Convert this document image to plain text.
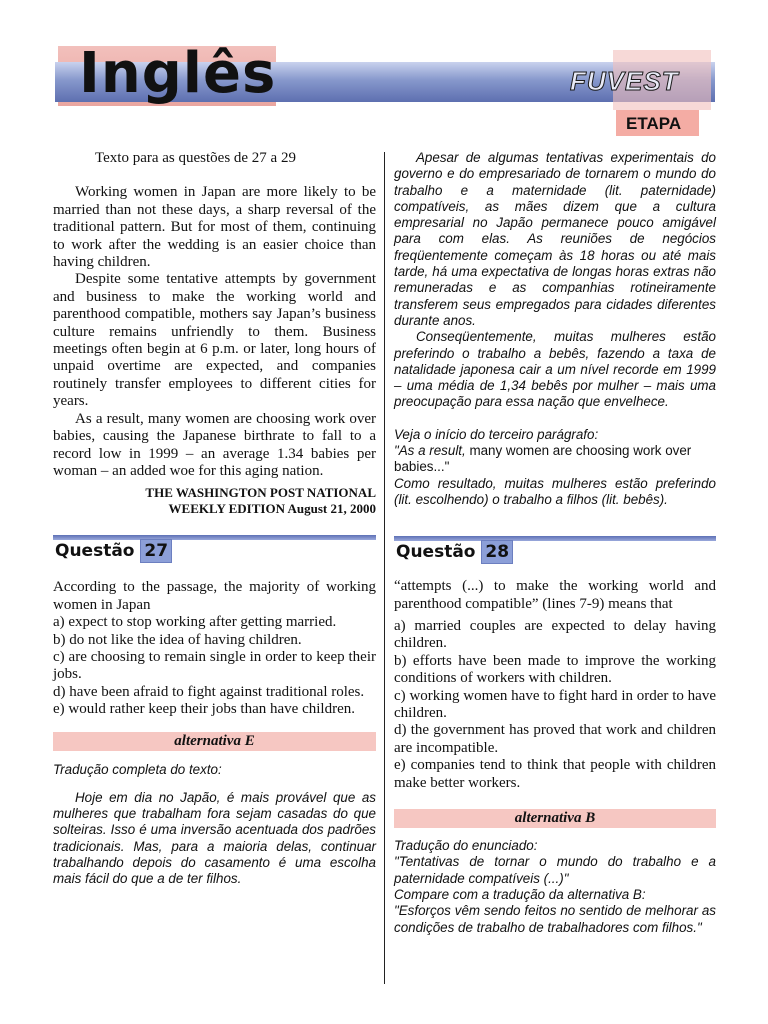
Inglês	FUVEST
ETAPA

Texto para as questões de 27 a 29

Working women in Japan are more likely to be married than not these days, a sharp reversal of the traditional pattern. But for most of them, continuing to work after the wedding is an easier choice than having children.

Despite some tentative attempts by government and business to make the working world and parenthood compatible, mothers say Japan’s business culture remains unfriendly to them. Business meetings often begin at 6 p.m. or later, long hours of unpaid overtime are expected, and companies routinely transfer employees to different cities for years.

As a result, many women are choosing work over babies, causing the Japanese birthrate to fall to a record low in 1999 – an average 1.34 babies per woman – an added woe for this aging nation.

THE WASHINGTON POST NATIONAL
WEEKLY EDITION August 21, 2000
Questão 27

According to the passage, the majority of working women in Japan

a) expect to stop working after getting married.

b) do not like the idea of having children.

c) are choosing to remain single in order to keep their jobs.

d) have been afraid to fight against traditional roles.

e) would rather keep their jobs than have children.

alternativa E

Tradução completa do texto:

Hoje em dia no Japão, é mais provável que as mulheres que trabalham fora sejam casadas do que solteiras. Isso é uma inversão acentuada dos padrões tradicionais. Mas, para a maioria delas, continuar trabalhando depois do casamento é uma escolha mais fácil do que a de ter filhos.

Apesar de algumas tentativas experimentais do governo e do empresariado de tornarem o mundo do trabalho e a maternidade (lit. paternidade) compatíveis, as mães dizem que a cultura empresarial no Japão permanece pouco amigável para com elas. As reuniões de negócios freqüentemente começam às 18 horas ou até mais tarde, há uma expectativa de longas horas extras não remuneradas e as companhias rotineiramente transferem seus empregados para cidades diferentes durante anos.

Conseqüentemente, muitas mulheres estão preferindo o trabalho a bebês, fazendo a taxa de natalidade japonesa cair a um nível recorde em 1999 – uma média de 1,34 bebês por mulher – mais uma preocupação para essa nação que envelhece.

Veja o início do terceiro parágrafo:

"As a result, many women are choosing work over babies..."

Como resultado, muitas mulheres estão preferindo (lit. escolhendo) o trabalho a filhos (lit. bebês).

Questão 28

“attempts (...) to make the working world and parenthood compatible” (lines 7-9) means that

a) married couples are expected to delay having children.

b) efforts have been made to improve the working conditions of workers with children.

c) working women have to fight hard in order to have children.

d) the government has proved that work and children are incompatible.

e) companies tend to think that people with children make better workers.

alternativa B

Tradução do enunciado:

"Tentativas de tornar o mundo do trabalho e a paternidade compatíveis (...)"

Compare com a tradução da alternativa B:

"Esforços vêm sendo feitos no sentido de melhorar as condições de trabalho de trabalhadores com filhos."
